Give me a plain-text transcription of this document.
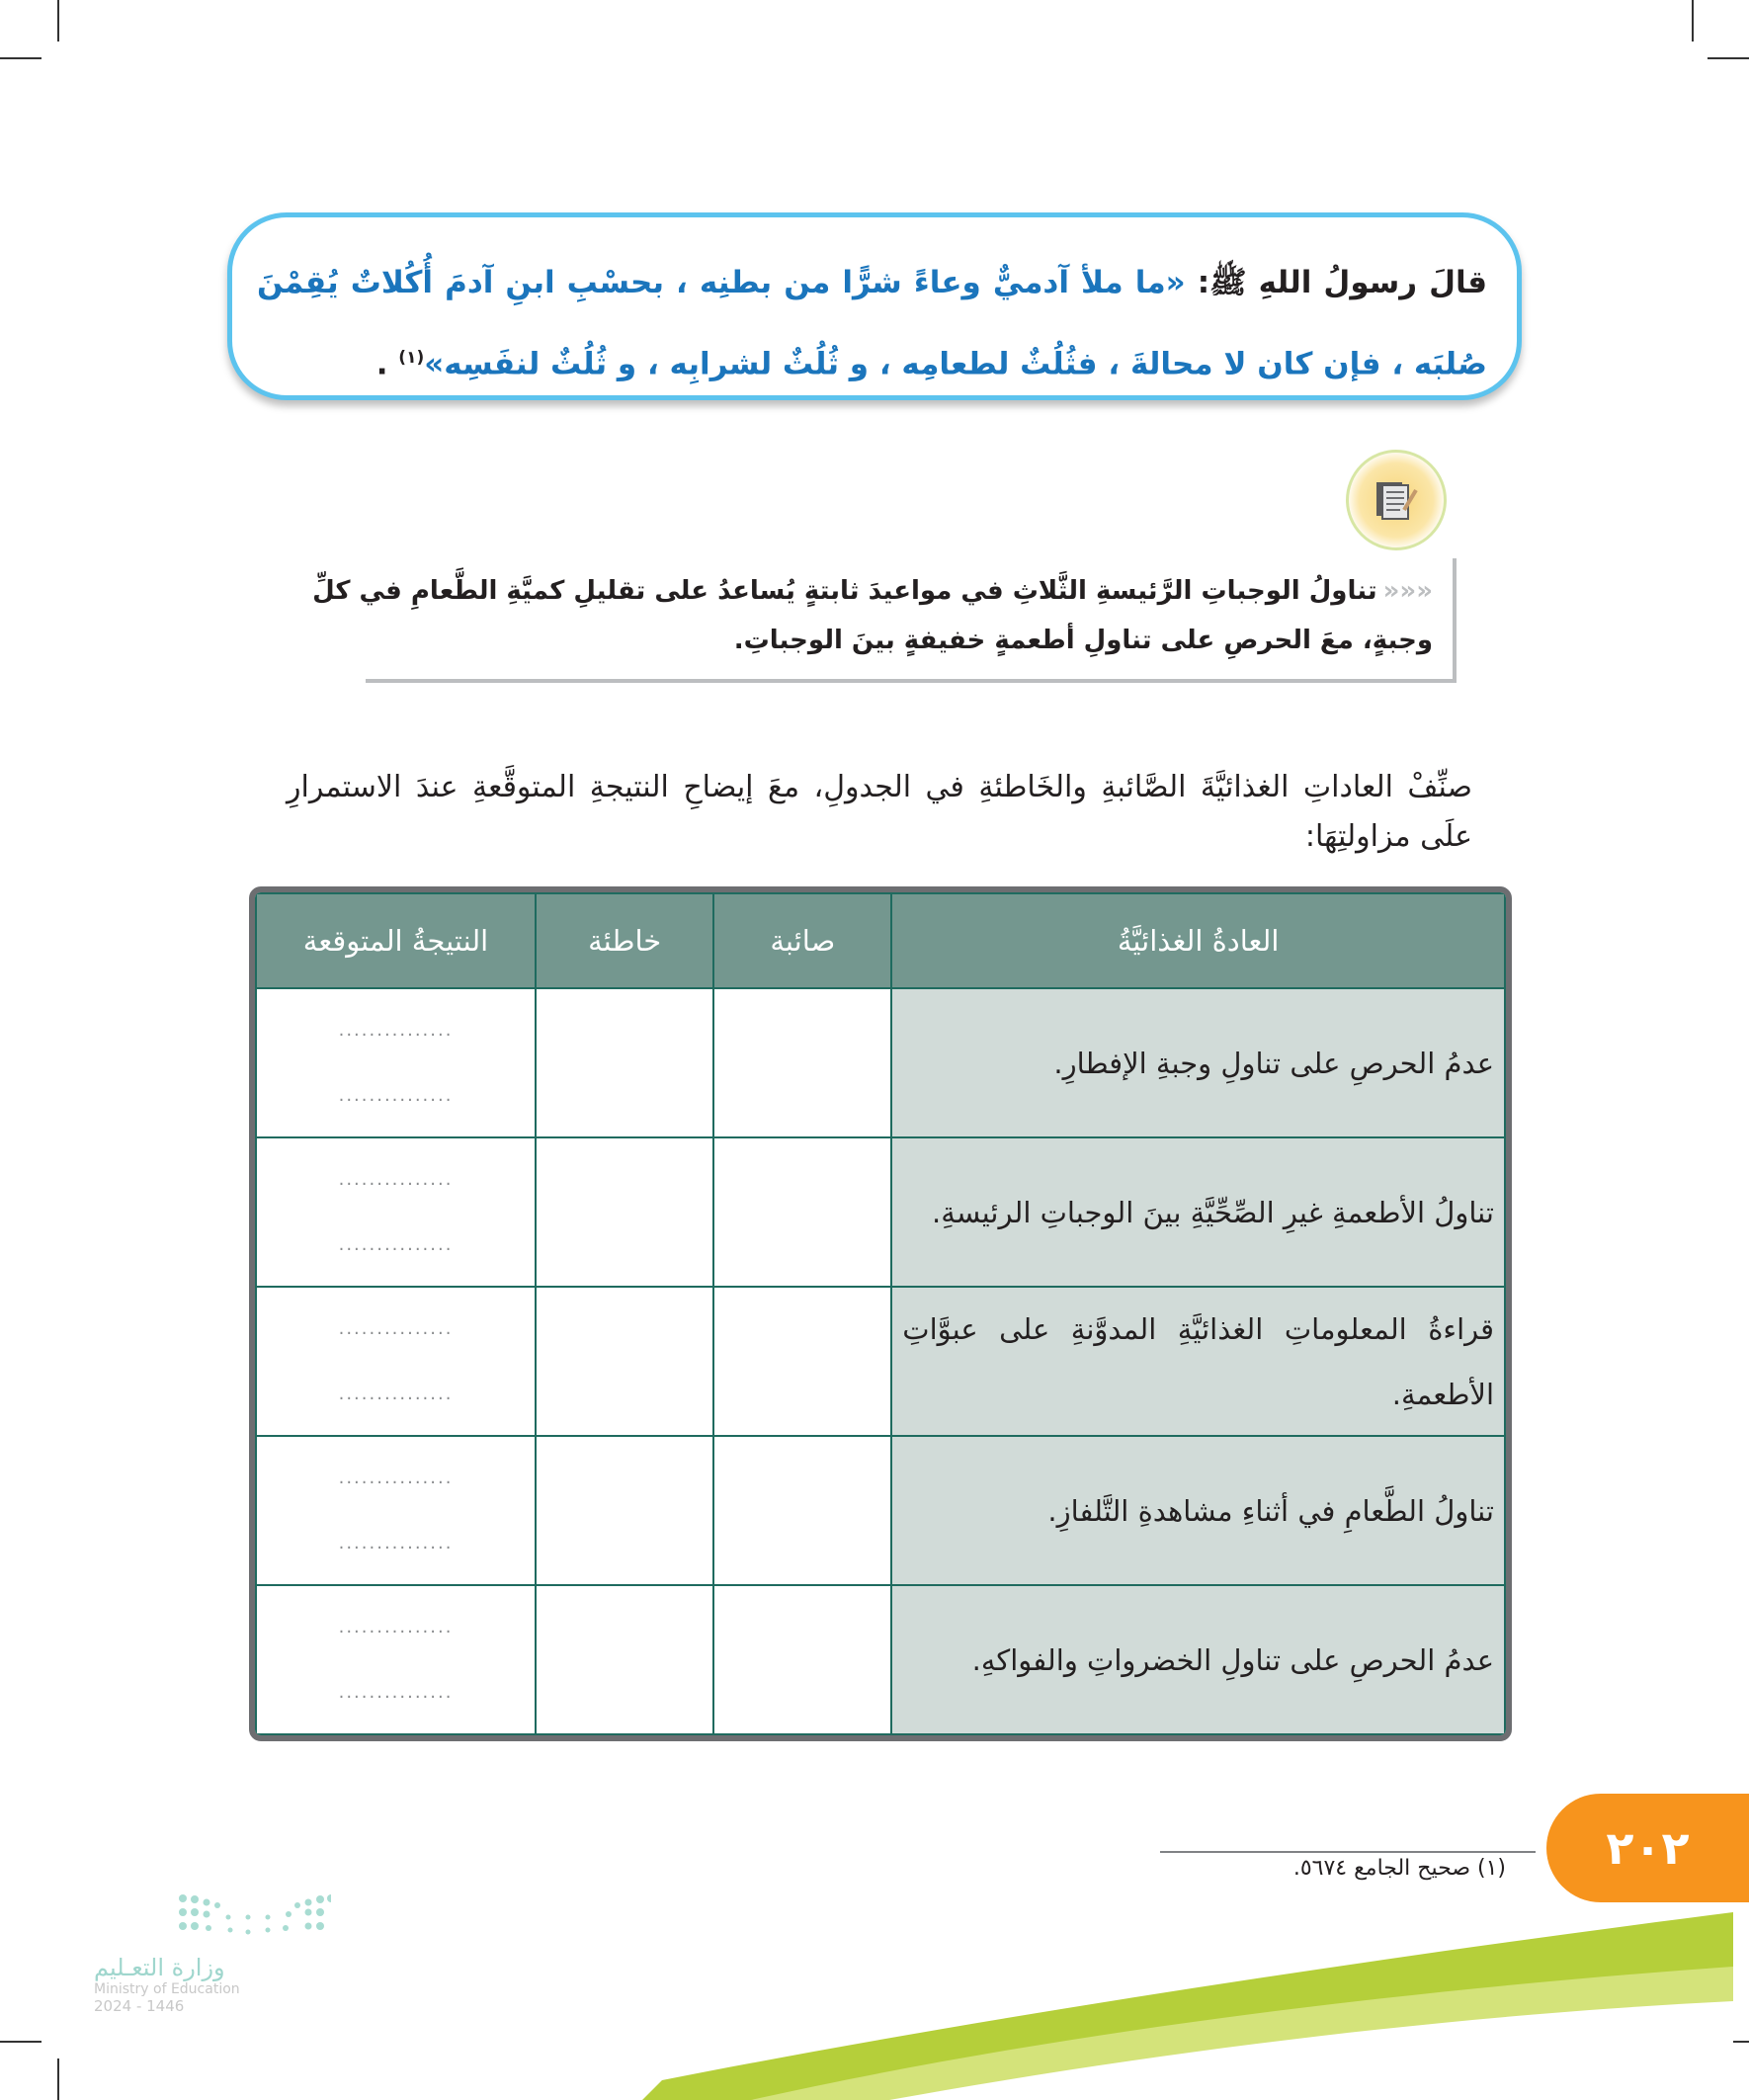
قالَ رسولُ اللهِ ﷺ: «ما ملأ آدميٌّ وعاءً شرًّا من بطنِه ، بحسْبِ ابنِ آدمَ أُكُلاتٌ يُقِمْنَ صُلبَه ، فإن كان لا محالةَ ، فثُلُثٌ لطعامِه ، و ثُلُثٌ لشرابِه ، و ثُلُثٌ لنفَسِه»$^{(١)}$ .
«««تناولُ الوجباتِ الرَّئيسةِ الثَّلاثِ في مواعيدَ ثابتةٍ يُساعدُ على تقليلِ كميَّةِ الطَّعامِ في كلِّ وجبةٍ، معَ الحرصِ على تناولِ أطعمةٍ خفيفةٍ بينَ الوجباتِ.
صنِّفْ العاداتِ الغذائيَّةَ الصَّائبةِ والخَاطئةِ في الجدولِ، معَ إيضاحِ النتيجةِ المتوقَّعةِ عندَ الاستمرارِ علَى مزاولتِهَا:
العادةُ الغذائيَّةُ	صائبة	خاطئة	النتيجةُ المتوقعة
عدمُ الحرصِ على تناولِ وجبةِ الإفطارِ.			...............
...............

تناولُ الأطعمةِ غيرِ الصِّحِّيَّةِ بينَ الوجباتِ الرئيسةِ.			...............
...............

قراءةُ المعلوماتِ الغذائيَّةِ المدوَّنةِ على عبوَّاتِ الأطعمةِ.			...............
...............

تناولُ الطَّعامِ في أثناءِ مشاهدةِ التَّلفازِ.			...............
...............

عدمُ الحرصِ على تناولِ الخضرواتِ والفواكهِ.			...............
...............
(١) صحيح الجامع ٥٦٧٤.	٢٠٢
وزارة التعـليم
Ministry of Education
2024 - 1446
